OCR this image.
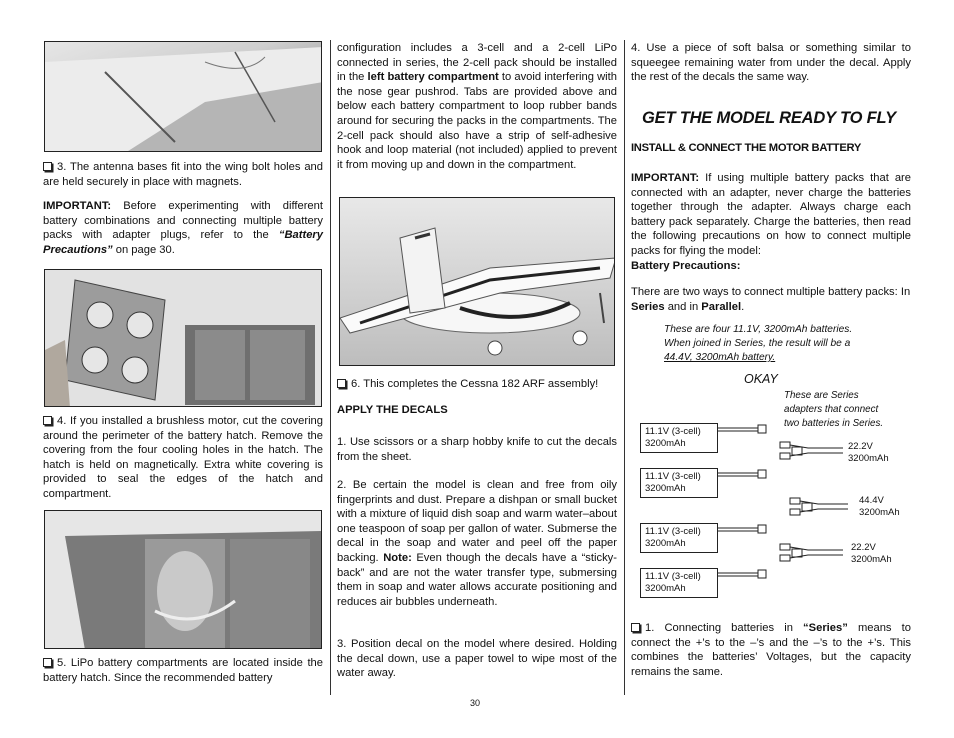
3. The antenna bases fit into the wing bolt holes and are held securely in place with magnets.
IMPORTANT: Before experimenting with different battery combinations and connecting multiple battery packs with adapter plugs, refer to the “Battery Precautions” on page 30.
4. If you installed a brushless motor, cut the covering around the perimeter of the battery hatch. Remove the covering from the four cooling holes in the hatch. The hatch is held on magnetically. Extra white covering is provided to seal the edges of the hatch and compartment.
5. LiPo battery compartments are located inside the battery hatch. Since the recommended battery
configuration includes a 3-cell and a 2-cell LiPo connected in series, the 2-cell pack should be installed in the left battery compartment to avoid interfering with the nose gear pushrod. Tabs are provided above and below each battery compartment to loop rubber bands around for securing the packs in the compartments. The 2-cell pack should also have a strip of self-adhesive hook and loop material (not included) applied to prevent it from moving up and down in the compartment.
6. This completes the Cessna 182 ARF assembly!
APPLY THE DECALS
1. Use scissors or a sharp hobby knife to cut the decals from the sheet.
2. Be certain the model is clean and free from oily fingerprints and dust. Prepare a dishpan or small bucket with a mixture of liquid dish soap and warm water–about one teaspoon of soap per gallon of water. Submerse the decal in the soap and water and peel off the paper backing. Note: Even though the decals have a “sticky-back” and are not the water transfer type, submersing them in soap and water allows accurate positioning and reduces air bubbles underneath.
3. Position decal on the model where desired. Holding the decal down, use a paper towel to wipe most of the water away.
4. Use a piece of soft balsa or something similar to squeegee remaining water from under the decal. Apply the rest of the decals the same way.
GET THE MODEL READY TO FLY
INSTALL & CONNECT THE MOTOR BATTERY
IMPORTANT: If using multiple battery packs that are connected with an adapter, never charge the batteries together through the adapter. Always charge each battery pack separately. Charge the batteries, then read the following precautions on how to connect multiple packs for flying the model:
Battery Precautions:
There are two ways to connect multiple battery packs: In Series and in Parallel.
These are four 11.1V, 3200mAh batteries.
When joined in Series, the result will be a
44.4V, 3200mAh battery.
OKAY
These are Series
adapters that connect
two batteries in Series.
11.1V (3-cell)
3200mAh
11.1V (3-cell)
3200mAh
11.1V (3-cell)
3200mAh
11.1V (3-cell)
3200mAh
22.2V
3200mAh
44.4V
3200mAh
22.2V
3200mAh
1. Connecting batteries in “Series” means to connect the +’s to the –’s and the –’s to the +’s. This combines the batteries’ Voltages, but the capacity remains the same.
30
